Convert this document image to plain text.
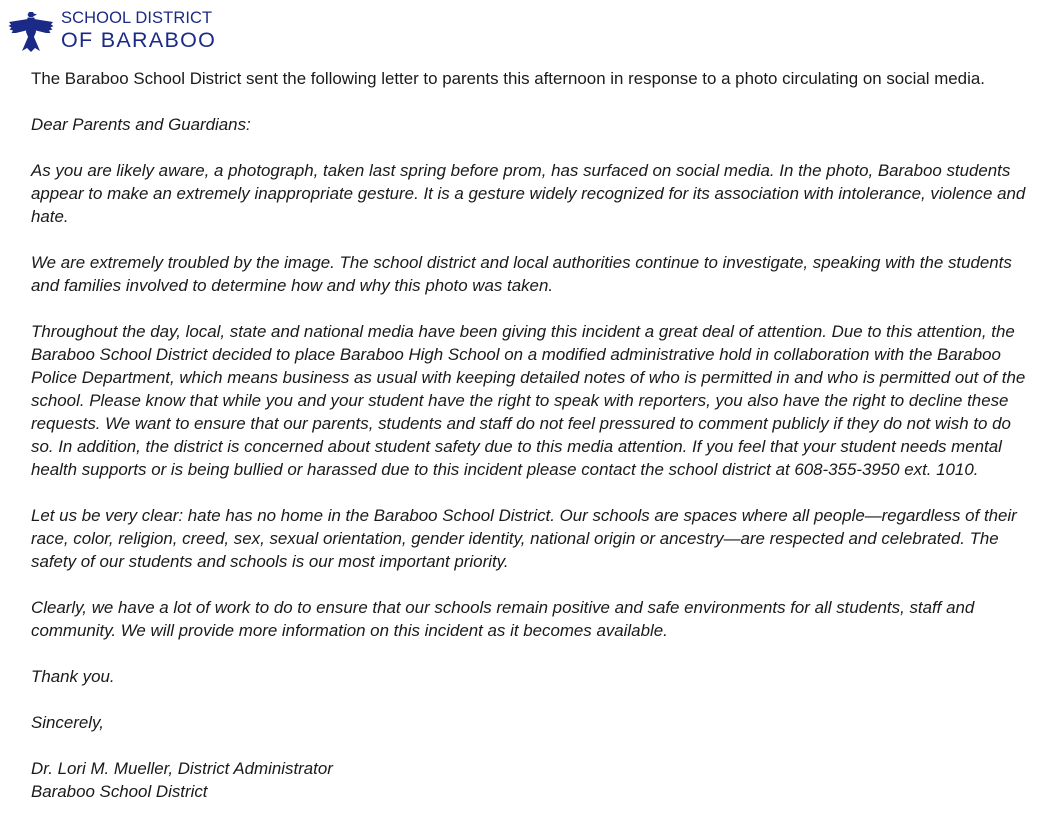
SCHOOL DISTRICT
OF BARABOO

The Baraboo School District sent the following letter to parents this afternoon in response to a photo circulating on social media.

Dear Parents and Guardians:

As you are likely aware, a photograph, taken last spring before prom, has surfaced on social media. In the photo, Baraboo students appear to make an extremely inappropriate gesture. It is a gesture widely recognized for its association with intolerance, violence and hate.

We are extremely troubled by the image. The school district and local authorities continue to investigate, speaking with the students and families involved to determine how and why this photo was taken.

Throughout the day, local, state and national media have been giving this incident a great deal of attention. Due to this attention, the Baraboo School District decided to place Baraboo High School on a modified administrative hold in collaboration with the Baraboo Police Department, which means business as usual with keeping detailed notes of who is permitted in and who is permitted out of the school. Please know that while you and your student have the right to speak with reporters, you also have the right to decline these requests. We want to ensure that our parents, students and staff do not feel pressured to comment publicly if they do not wish to do so. In addition, the district is concerned about student safety due to this media attention. If you feel that your student needs mental health supports or is being bullied or harassed due to this incident please contact the school district at 608-355-3950 ext. 1010.

Let us be very clear: hate has no home in the Baraboo School District. Our schools are spaces where all people—regardless of their race, color, religion, creed, sex, sexual orientation, gender identity, national origin or ancestry—are respected and celebrated. The safety of our students and schools is our most important priority.

Clearly, we have a lot of work to do to ensure that our schools remain positive and safe environments for all students, staff and community. We will provide more information on this incident as it becomes available.

Thank you.

Sincerely,

Dr. Lori M. Mueller, District Administrator
Baraboo School District
